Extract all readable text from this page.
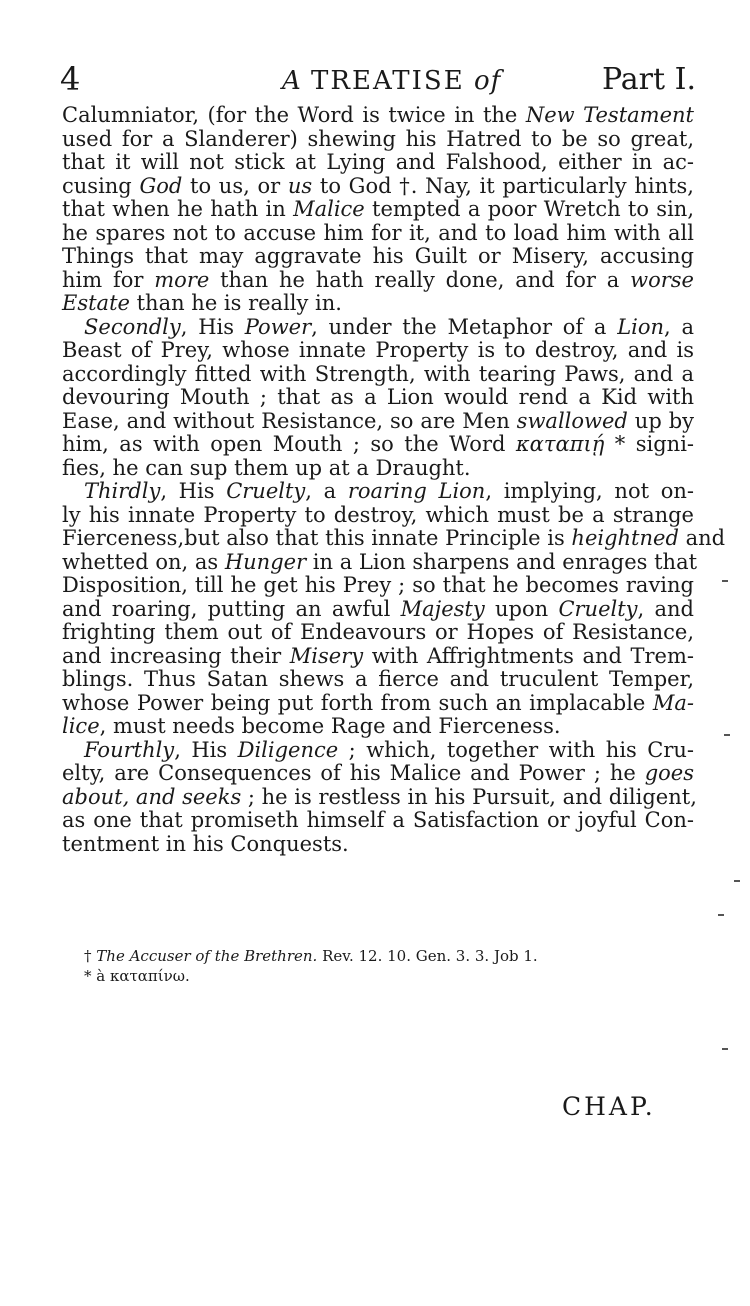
4	A TREATISE of	Part I.
Calumniator, (for the Word is twice in the New Testament
used for a Slanderer) shewing his Hatred to be so great,
that it will not stick at Lying and Falshood, either in ac-
cusing God to us, or us to God †. Nay, it particularly hints,
that when he hath in Malice tempted a poor Wretch to sin,
he spares not to accuse him for it, and to load him with all
Things that may aggravate his Guilt or Misery, accusing
him for more than he hath really done, and for a worse
Estate than he is really in.
Secondly, His Power, under the Metaphor of a Lion, a
Beast of Prey, whose innate Property is to destroy, and is
accordingly fitted with Strength, with tearing Paws, and a
devouring Mouth ; that as a Lion would rend a Kid with
Ease, and without Resistance, so are Men swallowed up by
him, as with open Mouth ; so the Word καταπιῄ * signi-
fies, he can sup them up at a Draught.
Thirdly, His Cruelty, a roaring Lion, implying, not on-
ly his innate Property to destroy, which must be a strange
Fierceness,but also that this innate Principle is heightned and
whetted on, as Hunger in a Lion sharpens and enrages that
Disposition, till he get his Prey ; so that he becomes raving
and roaring, putting an awful Majesty upon Cruelty, and
frighting them out of Endeavours or Hopes of Resistance,
and increasing their Misery with Affrightments and Trem-
blings. Thus Satan shews a fierce and truculent Temper,
whose Power being put forth from such an implacable Ma-
lice, must needs become Rage and Fierceness.
Fourthly, His Diligence ; which, together with his Cru-
elty, are Consequences of his Malice and Power ; he goes
about, and seeks ; he is restless in his Pursuit, and diligent,
as one that promiseth himself a Satisfaction or joyful Con-
tentment in his Conquests.
† The Accuser of the Brethren. Rev. 12. 10. Gen. 3. 3. Job 1.
* à καταπίνω.
CHAP.
